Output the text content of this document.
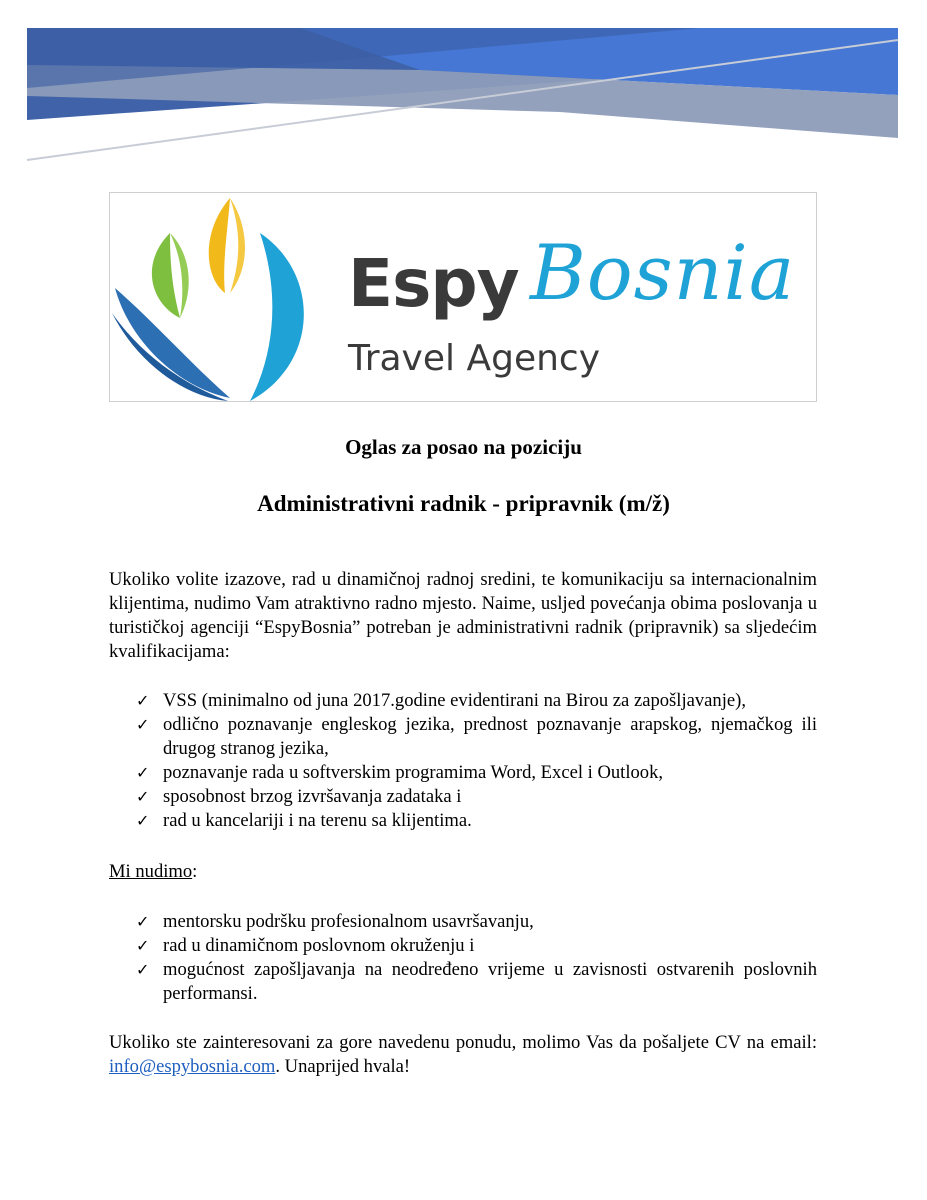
Espy Bosnia
Travel Agency
Oglas za posao na poziciju
Administrativni radnik - pripravnik (m/ž)

Ukoliko volite izazove, rad u dinamičnoj radnoj sredini, te komunikaciju sa internacionalnim klijentima, nudimo Vam atraktivno radno mjesto. Naime, usljed povećanja obima poslovanja u turističkoj agenciji “EspyBosnia” potreban je administrativni radnik (pripravnik) sa sljedećim kvalifikacijama:

✓ VSS (minimalno od juna 2017.godine evidentirani na Birou za zapošljavanje),
✓ odlično poznavanje engleskog jezika, prednost poznavanje arapskog, njemačkog ili drugog stranog jezika,
✓ poznavanje rada u softverskim programima Word, Excel i Outlook,
✓ sposobnost brzog izvršavanja zadataka i
✓ rad u kancelariji i na terenu sa klijentima.
Mi nudimo:
✓ mentorsku podršku profesionalnom usavršavanju,
✓ rad u dinamičnom poslovnom okruženju i
✓ mogućnost zapošljavanja na neodređeno vrijeme u zavisnosti ostvarenih poslovnih performansi.

Ukoliko ste zainteresovani za gore navedenu ponudu, molimo Vas da pošaljete CV na email: info@espybosnia.com. Unaprijed hvala!
